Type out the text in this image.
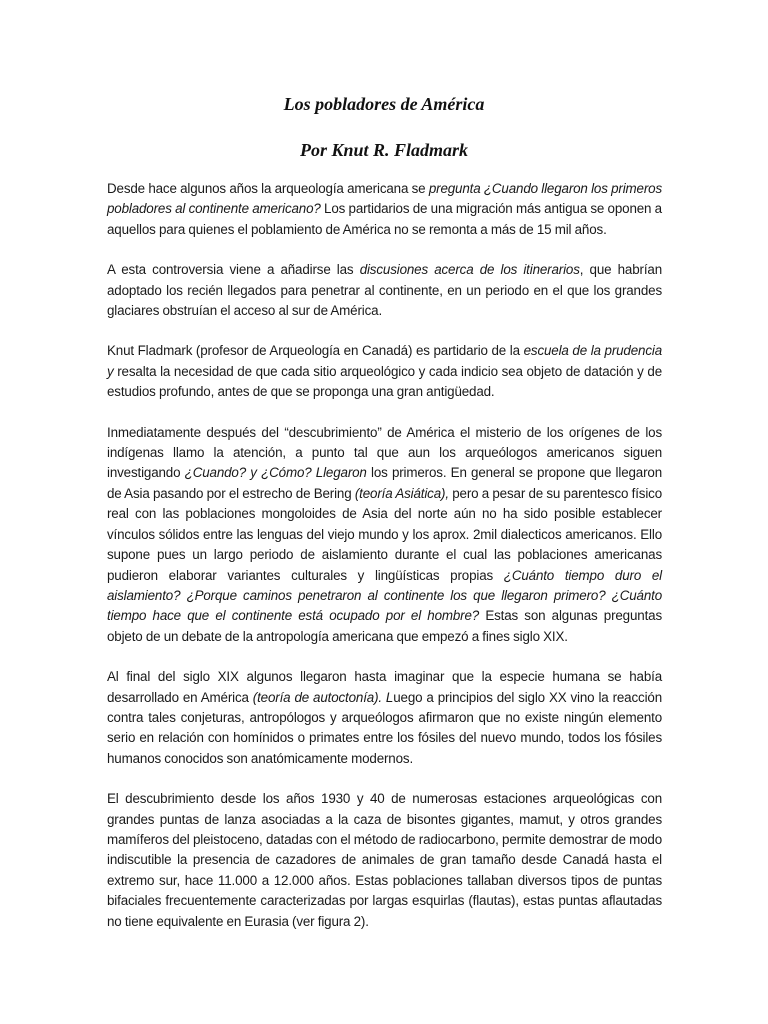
Los pobladores de América
Por Knut R. Fladmark

Desde hace algunos años la arqueología americana se pregunta ¿Cuando llegaron los primeros pobladores al continente americano? Los partidarios de una migración más antigua se oponen a aquellos para quienes el poblamiento de América no se remonta a más de 15 mil años.

A esta controversia viene a añadirse las discusiones acerca de los itinerarios, que habrían adoptado los recién llegados para penetrar al continente, en un periodo en el que los grandes glaciares obstruían el acceso al sur de América.

Knut Fladmark (profesor de Arqueología en Canadá) es partidario de la escuela de la prudencia y resalta la necesidad de que cada sitio arqueológico y cada indicio sea objeto de datación y de estudios profundo, antes de que se proponga una gran antigüedad.

Inmediatamente después del “descubrimiento” de América el misterio de los orígenes de los indígenas llamo la atención, a punto tal que aun los arqueólogos americanos siguen investigando ¿Cuando? y ¿Cómo? Llegaron los primeros. En general se propone que llegaron de Asia pasando por el estrecho de Bering (teoría Asiática), pero a pesar de su parentesco físico real con las poblaciones mongoloides de Asia del norte aún no ha sido posible establecer vínculos sólidos entre las lenguas del viejo mundo y los aprox. 2mil dialecticos americanos. Ello supone pues un largo periodo de aislamiento durante el cual las poblaciones americanas pudieron elaborar variantes culturales y lingüísticas propias ¿Cuánto tiempo duro el aislamiento? ¿Porque caminos penetraron al continente los que llegaron primero? ¿Cuánto tiempo hace que el continente está ocupado por el hombre? Estas son algunas preguntas objeto de un debate de la antropología americana que empezó a fines siglo XIX.

Al final del siglo XIX algunos llegaron hasta imaginar que la especie humana se había desarrollado en América (teoría de autoctonía). Luego a principios del siglo XX vino la reacción contra tales conjeturas, antropólogos y arqueólogos afirmaron que no existe ningún elemento serio en relación con homínidos o primates entre los fósiles del nuevo mundo, todos los fósiles humanos conocidos son anatómicamente modernos.

El descubrimiento desde los años 1930 y 40 de numerosas estaciones arqueológicas con grandes puntas de lanza asociadas a la caza de bisontes gigantes, mamut, y otros grandes mamíferos del pleistoceno, datadas con el método de radiocarbono, permite demostrar de modo indiscutible la presencia de cazadores de animales de gran tamaño desde Canadá hasta el extremo sur, hace 11.000 a 12.000 años. Estas poblaciones tallaban diversos tipos de puntas bifaciales frecuentemente caracterizadas por largas esquirlas (flautas), estas puntas aflautadas no tiene equivalente en Eurasia (ver figura 2).
